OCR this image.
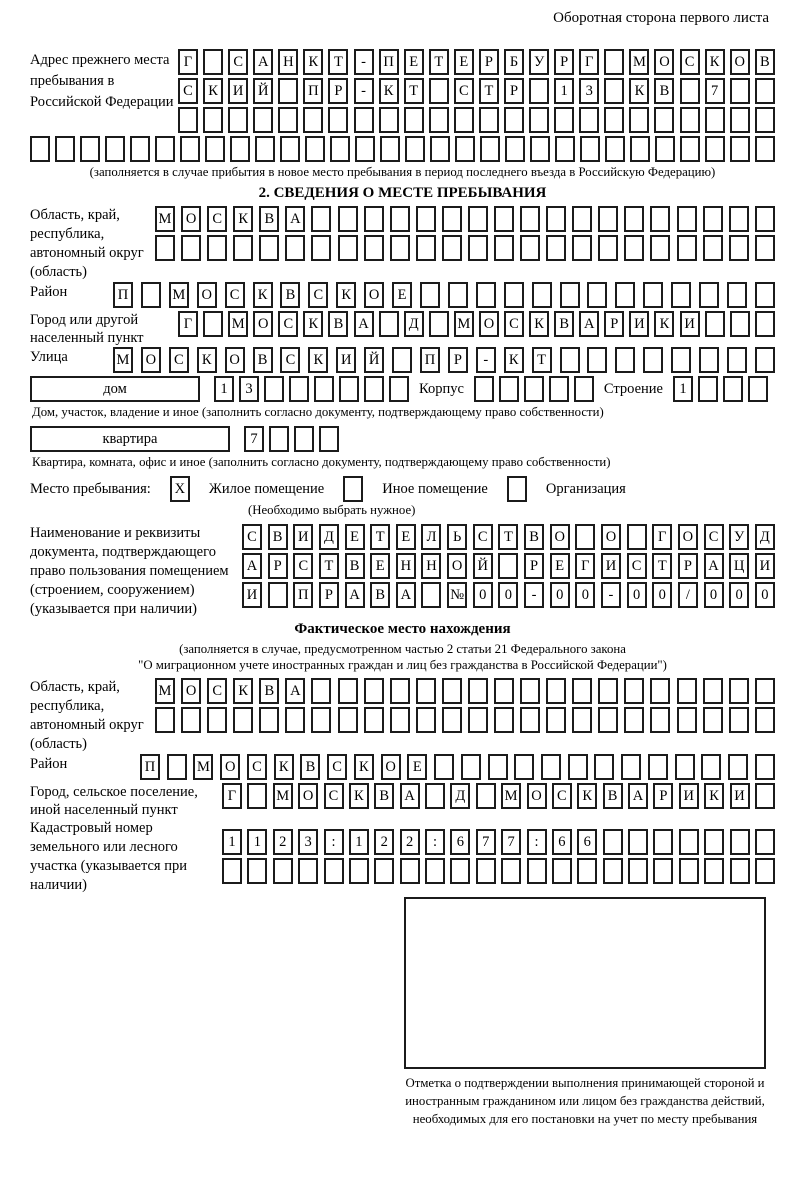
Оборотная сторона первого листа
Адрес прежнего места пребывания в Российской Федерации
Г	С	А	Н	К	Т	-	П	Е	Т	Е	Р	Б	У	Р	Г	М О	С	К	О	В
С	К	И	Й	П	Р	-	К	Т	С	Т	Р	1	3	К	В	7
(заполняется в случае прибытия в новое место пребывания в период последнего въезда в Российскую Федерацию)
2. СВЕДЕНИЯ О МЕСТЕ ПРЕБЫВАНИЯ
Область, край, республика, автономный округ (область)
М О	С	К	В	А
Район	П	М	О	С	К	В	С	К	О	Е
Город или другой населенный пункт
Г	М О	С	К	В	А	Д	М О	С	К	В	А	Р	И	К	И
Улица	М	О	С	К	О	В	С	К	И	Й	П	Р	-	К	Т
дом	1	3	Корпус	Строение	1
Дом, участок, владение и иное (заполнить согласно документу, подтверждающему право собственности)
квартира	7
Квартира, комната, офис и иное (заполнить согласно документу, подтверждающему право собственности)
Место пребывания:	X	Жилое помещение	Иное помещение	Организация
(Необходимо выбрать нужное)
Наименование и реквизиты документа, подтверждающего право пользования помещением (строением, сооружением) (указывается при наличии)
С	В	И	Д	Е	Т	Е	Л	Ь	С	Т	В	О	О	Г	О	С	У	Д
А	Р	С	Т	В	Е	Н	Н	О	Й	Р	Е	Г	И	С	Т	Р	А	Ц	И
И	П	Р	А	В	А	№	0	0	-	0	0	-	0	0	/	0	0	0
Фактическое место нахождения
(заполняется в случае, предусмотренном частью 2 статьи 21 Федерального закона
"О миграционном учете иностранных граждан и лиц без гражданства в Российской Федерации")
Область, край, республика, автономный округ (область)
М О	С	К	В	А
Район	П	М	О	С	К	В	С	К	О	Е
Город, сельское поселение, иной населенный пункт
Г	М О	С	К	В	А	Д	М О	С	К	В	А	Р	И	К	И
Кадастровый номер земельного или лесного участка (указывается при наличии)
1	1	2	3	:	1	2	2	:	6	7	7	:	6	6
Отметка о подтверждении выполнения принимающей стороной и иностранным гражданином или лицом без гражданства действий, необходимых для его постановки на учет по месту пребывания
